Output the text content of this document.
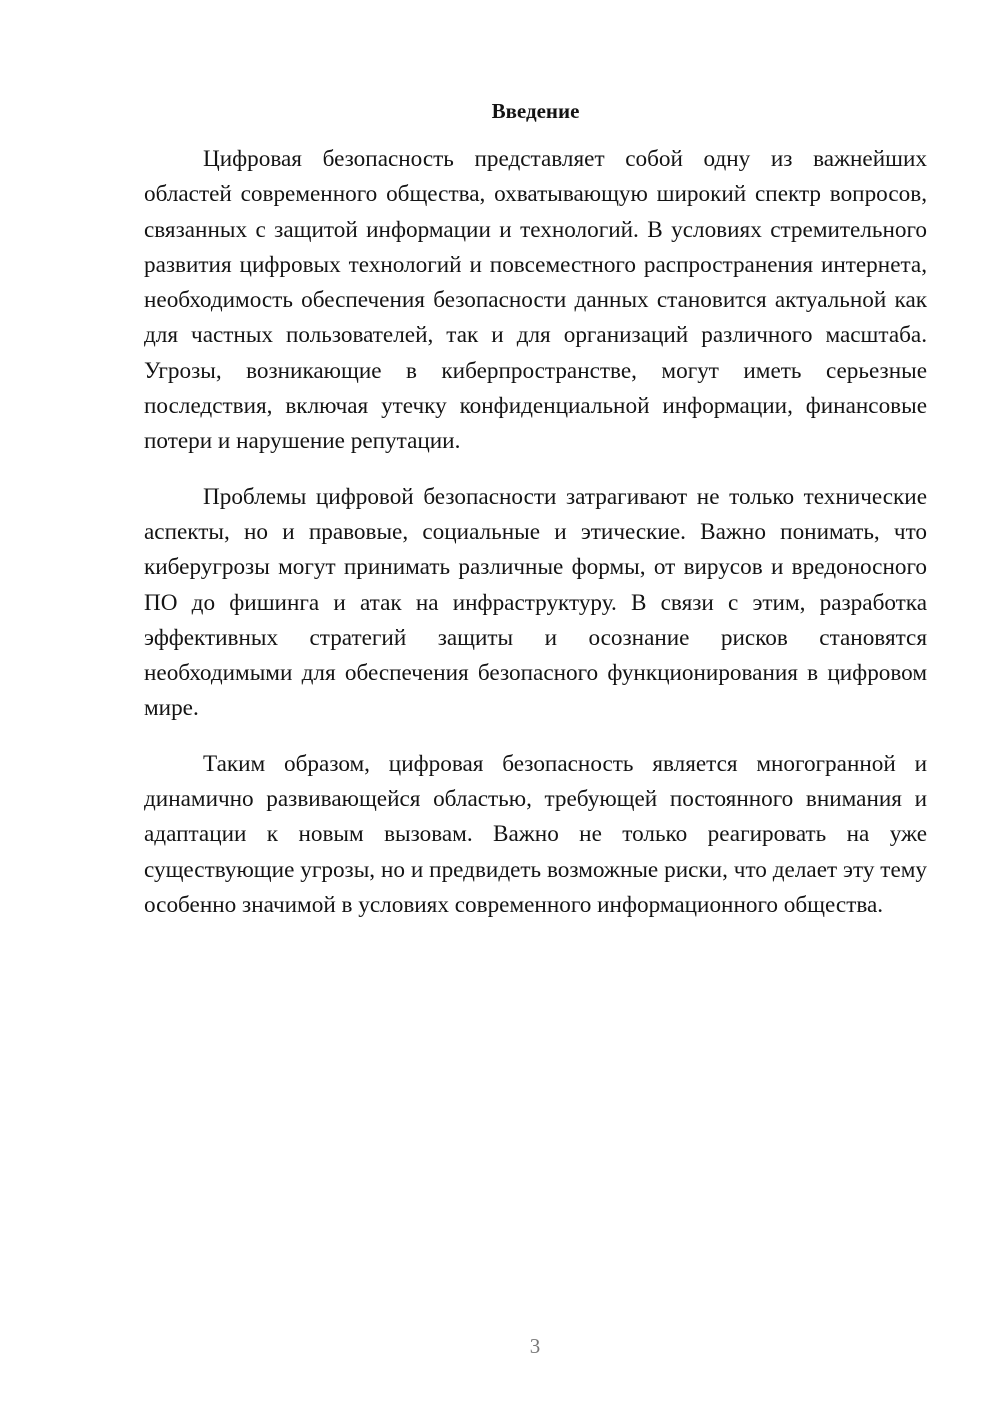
Введение

Цифровая безопасность представляет собой одну из важнейших областей современного общества, охватывающую широкий спектр вопросов, связанных с защитой информации и технологий. В условиях стремительного развития цифровых технологий и повсеместного распространения интернета, необходимость обеспечения безопасности данных становится актуальной как для частных пользователей, так и для организаций различного масштаба. Угрозы, возникающие в киберпространстве, могут иметь серьезные последствия, включая утечку конфиденциальной информации, финансовые потери и нарушение репутации.

Проблемы цифровой безопасности затрагивают не только технические аспекты, но и правовые, социальные и этические. Важно понимать, что киберугрозы могут принимать различные формы, от вирусов и вредоносного ПО до фишинга и атак на инфраструктуру. В связи с этим, разработка эффективных стратегий защиты и осознание рисков становятся необходимыми для обеспечения безопасного функционирования в цифровом мире.

Таким образом, цифровая безопасность является многогранной и динамично развивающейся областью, требующей постоянного внимания и адаптации к новым вызовам. Важно не только реагировать на уже существующие угрозы, но и предвидеть возможные риски, что делает эту тему особенно значимой в условиях современного информационного общества.

3
